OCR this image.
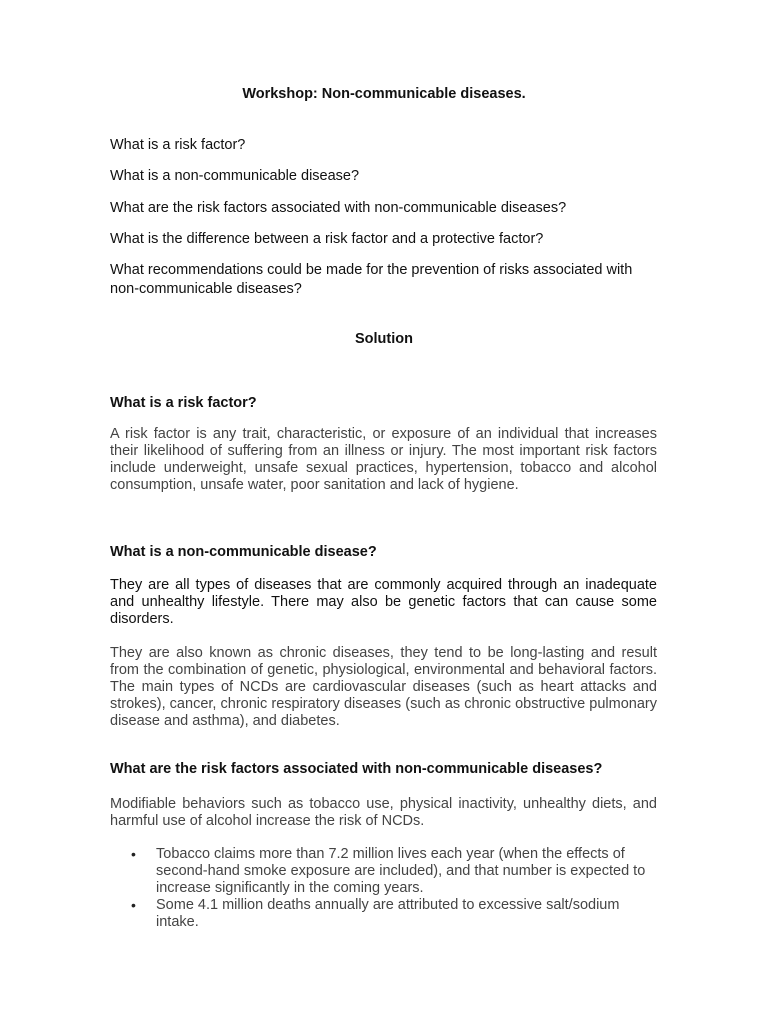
Workshop: Non-communicable diseases.
What is a risk factor?
What is a non-communicable disease?
What are the risk factors associated with non-communicable diseases?
What is the difference between a risk factor and a protective factor?
What recommendations could be made for the prevention of risks associated with non-communicable diseases?
Solution
What is a risk factor?
A risk factor is any trait, characteristic, or exposure of an individual that increases their likelihood of suffering from an illness or injury. The most important risk factors include underweight, unsafe sexual practices, hypertension, tobacco and alcohol consumption, unsafe water, poor sanitation and lack of hygiene.
What is a non-communicable disease?
They are all types of diseases that are commonly acquired through an inadequate and unhealthy lifestyle. There may also be genetic factors that can cause some disorders.
They are also known as chronic diseases, they tend to be long-lasting and result from the combination of genetic, physiological, environmental and behavioral factors. The main types of NCDs are cardiovascular diseases (such as heart attacks and strokes), cancer, chronic respiratory diseases (such as chronic obstructive pulmonary disease and asthma), and diabetes.
What are the risk factors associated with non-communicable diseases?
Modifiable behaviors such as tobacco use, physical inactivity, unhealthy diets, and harmful use of alcohol increase the risk of NCDs.
• Tobacco claims more than 7.2 million lives each year (when the effects of second-hand smoke exposure are included), and that number is expected to increase significantly in the coming years.
• Some 4.1 million deaths annually are attributed to excessive salt/sodium intake.
